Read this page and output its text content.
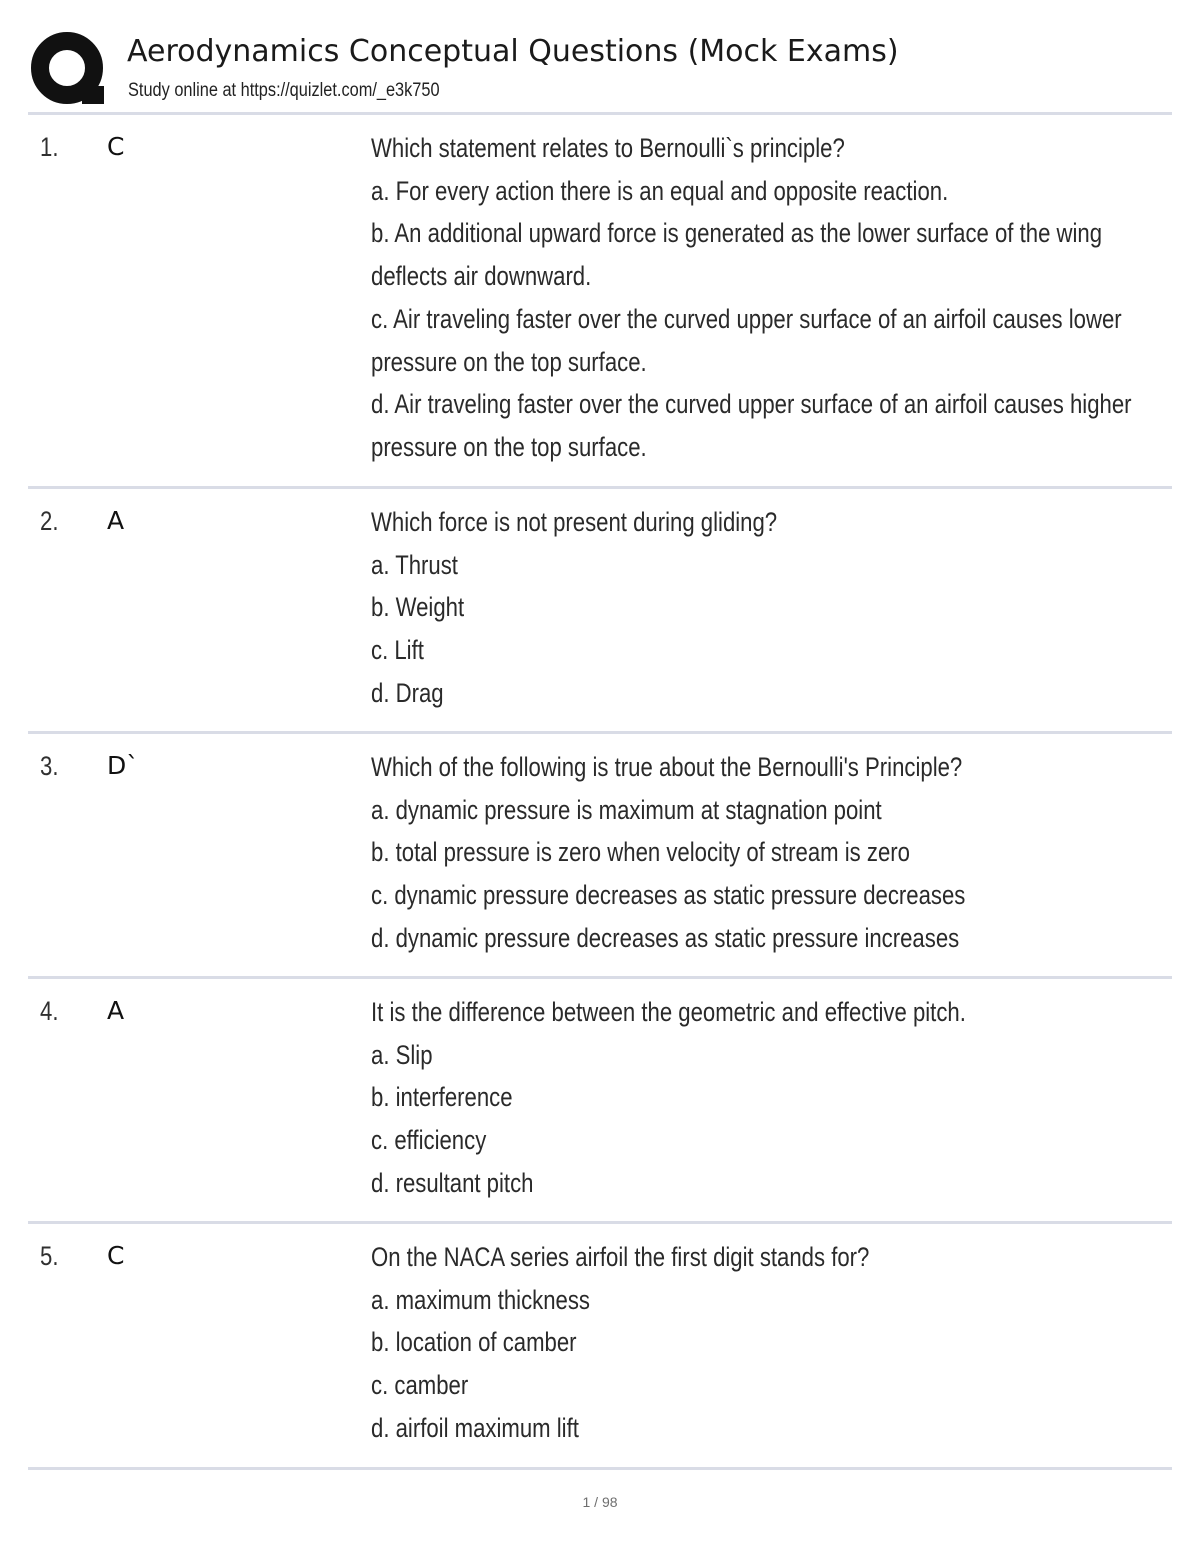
Aerodynamics Conceptual Questions (Mock Exams)
Study online at https://quizlet.com/_e3k750
1. C	Which statement relates to Bernoulli`s principle?
a. For every action there is an equal and opposite reaction.
b. An additional upward force is generated as the lower surface of the wing
deflects air downward.
c. Air traveling faster over the curved upper surface of an airfoil causes lower
pressure on the top surface.
d. Air traveling faster over the curved upper surface of an airfoil causes higher
pressure on the top surface.
2. A	Which force is not present during gliding?
a. Thrust
b. Weight
c. Lift
d. Drag
3. D`	Which of the following is true about the Bernoulli's Principle?
a. dynamic pressure is maximum at stagnation point
b. total pressure is zero when velocity of stream is zero
c. dynamic pressure decreases as static pressure decreases
d. dynamic pressure decreases as static pressure increases
4. A	It is the difference between the geometric and effective pitch.
a. Slip
b. interference
c. efficiency
d. resultant pitch
5. C	On the NACA series airfoil the first digit stands for?
a. maximum thickness
b. location of camber
c. camber
d. airfoil maximum lift
1 / 98
